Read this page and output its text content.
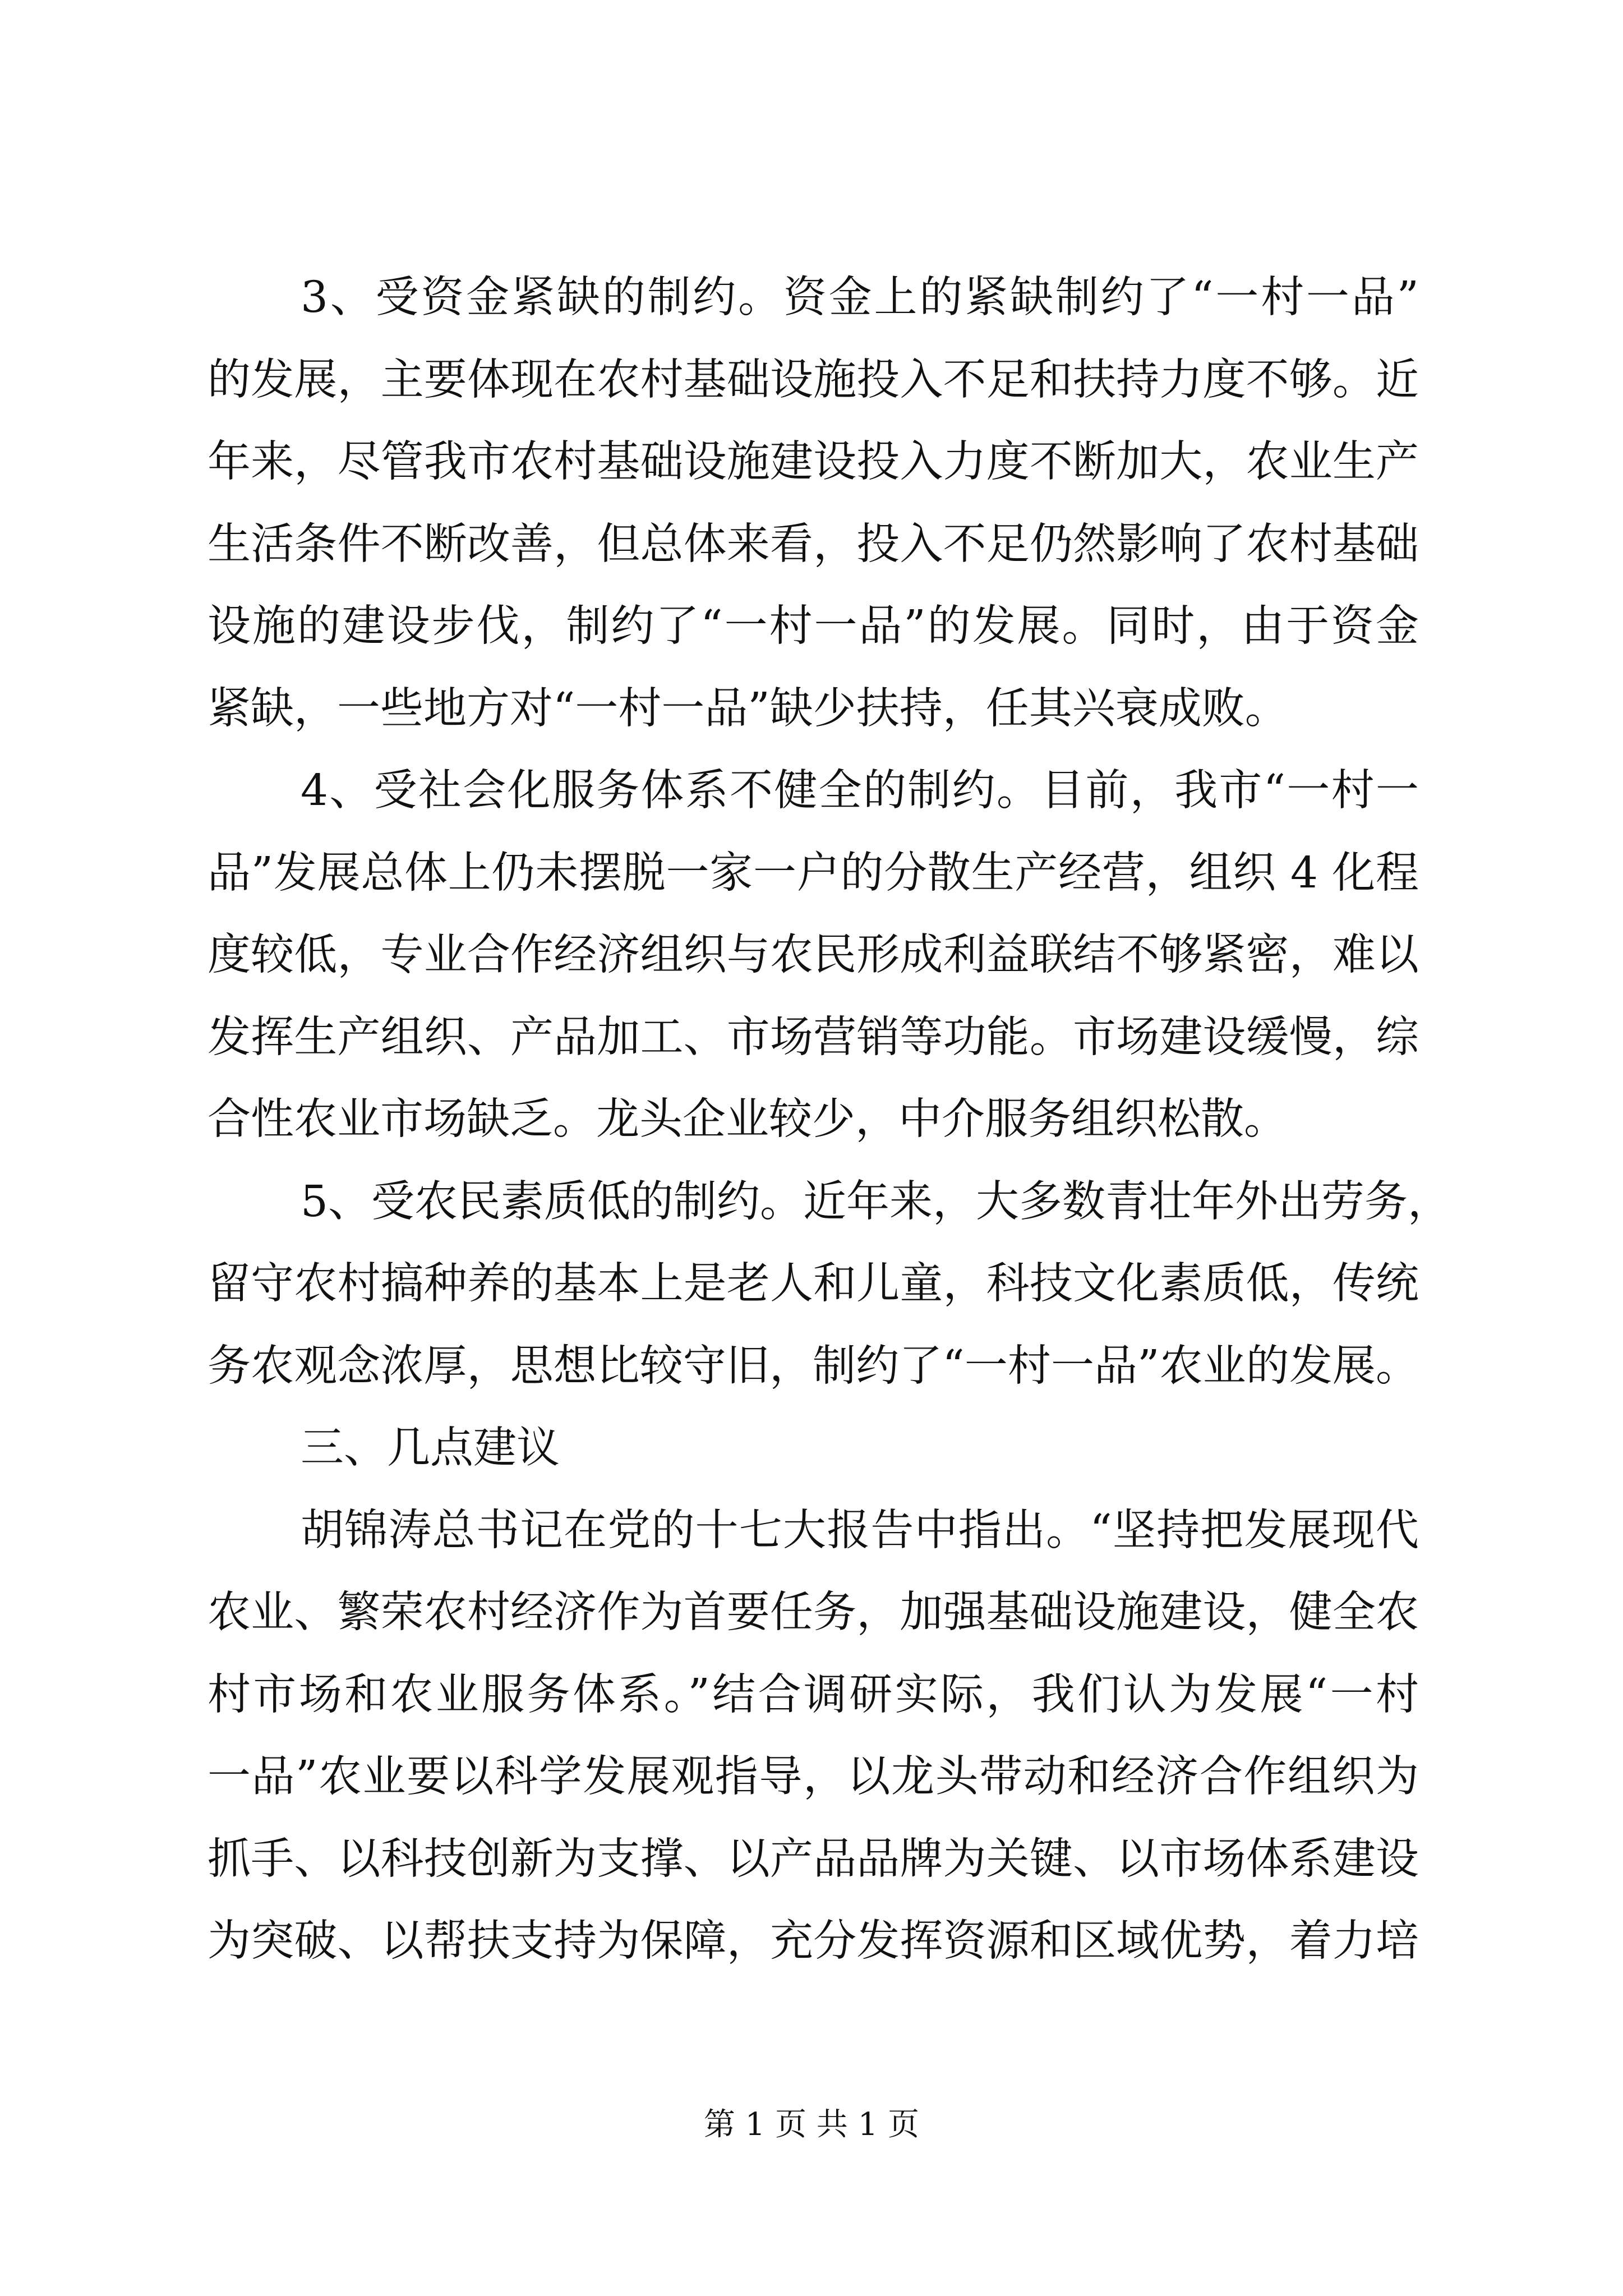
3、受资金紧缺的制约。资金上的紧缺制约了“一村一品”
的发展，主要体现在农村基础设施投入不足和扶持力度不够。近
年来，尽管我市农村基础设施建设投入力度不断加大，农业生产
生活条件不断改善，但总体来看，投入不足仍然影响了农村基础
设施的建设步伐，制约了“一村一品”的发展。同时，由于资金
紧缺，一些地方对“一村一品”缺少扶持，任其兴衰成败。
4、受社会化服务体系不健全的制约。目前，我市“一村一
品”发展总体上仍未摆脱一家一户的分散生产经营，组织 4 化程
度较低，专业合作经济组织与农民形成利益联结不够紧密，难以
发挥生产组织、产品加工、市场营销等功能。市场建设缓慢，综
合性农业市场缺乏。龙头企业较少，中介服务组织松散。
5、受农民素质低的制约。近年来，大多数青壮年外出劳务，
留守农村搞种养的基本上是老人和儿童，科技文化素质低，传统
务农观念浓厚，思想比较守旧，制约了“一村一品”农业的发展。
三、几点建议
胡锦涛总书记在党的十七大报告中指出。“坚持把发展现代
农业、繁荣农村经济作为首要任务，加强基础设施建设，健全农
村市场和农业服务体系。”结合调研实际，我们认为发展“一村
一品”农业要以科学发展观指导，以龙头带动和经济合作组织为
抓手、以科技创新为支撑、以产品品牌为关键、以市场体系建设
为突破、以帮扶支持为保障，充分发挥资源和区域优势，着力培
第 1 页 共 1 页
